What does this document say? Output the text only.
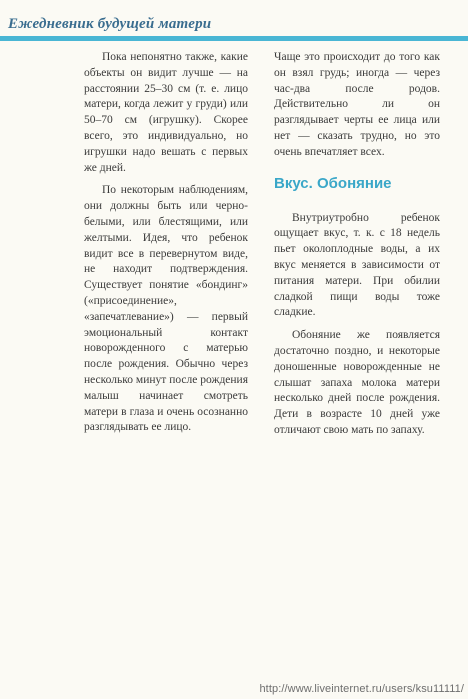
Ежедневник будущей матери

Пока непонятно также, какие объекты он видит лучше — на расстоянии 25–30 см (т. е. лицо матери, когда лежит у груди) или 50–70 см (игрушку). Скорее всего, это индивидуально, но игрушки надо вешать с первых же дней.

По некоторым наблюдениям, они должны быть или черно-белыми, или блестящими, или желтыми. Идея, что ребенок видит все в перевернутом виде, не находит подтверждения. Существует понятие «бондинг» («присоединение», «запечатлевание») — первый эмоциональный контакт новорожденного с матерью после рождения. Обычно через несколько минут после рождения малыш начинает смотреть матери в глаза и очень осознанно разглядывать ее лицо.

Чаще это происходит до того как он взял грудь; иногда — через час-два после родов. Действительно ли он разглядывает черты ее лица или нет — сказать трудно, но это очень впечатляет всех.

Вкус. Обоняние

Внутриутробно ребенок ощущает вкус, т. к. с 18 недель пьет околоплодные воды, а их вкус меняется в зависимости от питания матери. При обилии сладкой пищи воды тоже сладкие.

Обоняние же появляется достаточно поздно, и некоторые доношенные новорожденные не слышат запаха молока матери несколько дней после рождения. Дети в возрасте 10 дней уже отличают свою мать по запаху.

http://www.liveinternet.ru/users/ksu11111/
